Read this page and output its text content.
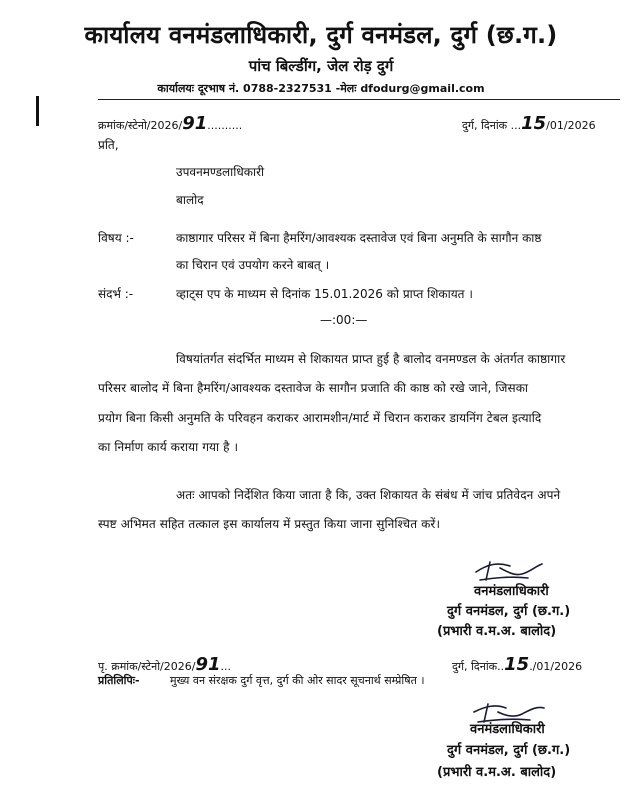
कार्यालय वनमंडलाधिकारी, दुर्ग वनमंडल, दुर्ग (छ.ग.)
पांच बिल्डींग, जेल रोड़ दुर्ग
कार्यालयः दूरभाष नं. 0788-2327531 -मेलः dfodurg@gmail.com
क्रमांक/स्टेनो/2026/91..........	दुर्ग, दिनांक ...15/01/2026
प्रति,
उपवनमण्डलाधिकारी
बालोद
विषय :-	काष्ठागार परिसर में बिना हैमरिंग/आवश्यक दस्तावेज एवं बिना अनुमति के सागौन काष्ठ
का चिरान एवं उपयोग करने बाबत् ।
संदर्भ :-	व्हाट्स एप के माध्यम से दिनांक 15.01.2026 को प्राप्त शिकायत ।
—:00:—
विषयांतर्गत संदर्भित माध्यम से शिकायत प्राप्त हुई है बालोद वनमण्डल के अंतर्गत काष्ठागार
परिसर बालोद में बिना हैमरिंग/आवश्यक दस्तावेज के सागौन प्रजाति की काष्ठ को रखे जाने, जिसका
प्रयोग बिना किसी अनुमति के परिवहन कराकर आरामशीन/मार्ट में चिरान कराकर डायनिंग टेबल इत्यादि
का निर्माण कार्य कराया गया है ।
अतः आपको निर्देशित किया जाता है कि, उक्त शिकायत के संबंध में जांच प्रतिवेदन अपने
स्पष्ट अभिमत सहित तत्काल इस कार्यालय में प्रस्तुत किया जाना सुनिश्चित करें।
वनमंडलाधिकारी
दुर्ग वनमंडल, दुर्ग (छ.ग.)
(प्रभारी व.म.अ. बालोद)
पृ. क्रमांक/स्टेनो/2026/91...	दुर्ग, दिनांक..15./01/2026
प्रतिलिपिः-	मुख्य वन संरक्षक दुर्ग वृत्त, दुर्ग की ओर सादर सूचनार्थ सम्प्रेषित ।
वनमंडलाधिकारी
दुर्ग वनमंडल, दुर्ग (छ.ग.)
(प्रभारी व.म.अ. बालोद)
